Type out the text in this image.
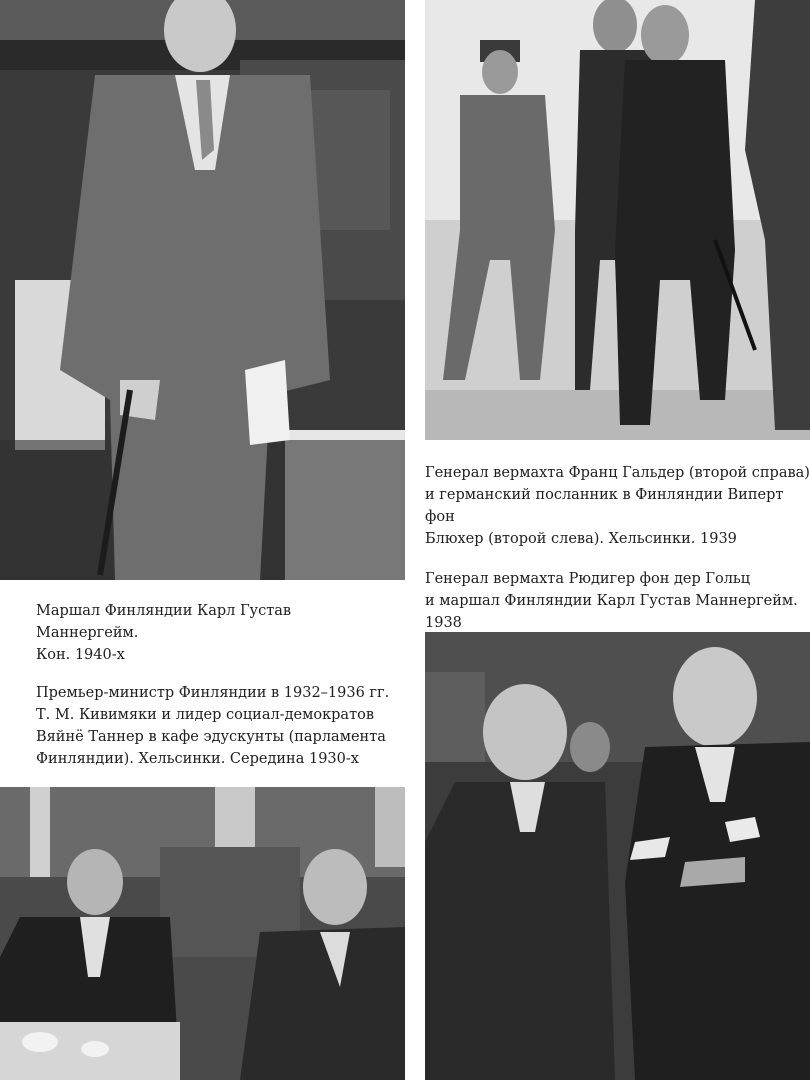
Генерал вермахта Франц Гальдер (второй справа)
и германский посланник в Финляндии Виперт фон
Блюхер (второй слева). Хельсинки. 1939

Генерал вермахта Рюдигер фон дер Гольц
и маршал Финляндии Карл Густав Маннергейм. 1938

Маршал Финляндии Карл Густав Маннергейм.
Кон. 1940-х

Премьер-министр Финляндии в 1932–1936 гг.
Т. М. Кивимяки и лидер социал-демократов
Вяйнё Таннер в кафе эдускунты (парламента
Финляндии). Хельсинки. Середина 1930-х
